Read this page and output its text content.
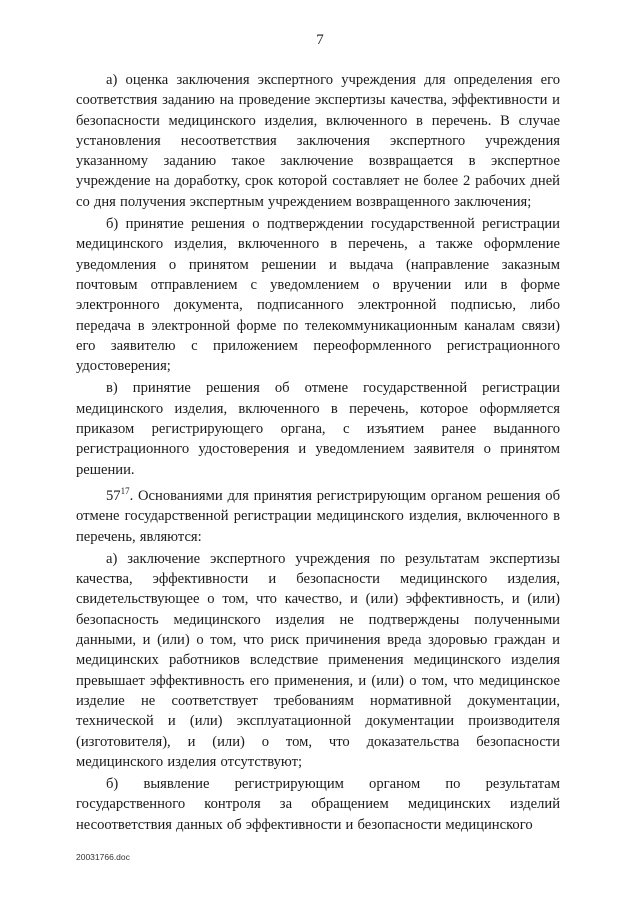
7

а) оценка заключения экспертного учреждения для определения его соответствия заданию на проведение экспертизы качества, эффективности и безопасности медицинского изделия, включенного в перечень. В случае установления несоответствия заключения экспертного учреждения указанному заданию такое заключение возвращается в экспертное учреждение на доработку, срок которой составляет не более 2 рабочих дней со дня получения экспертным учреждением возвращенного заключения;

б) принятие решения о подтверждении государственной регистрации медицинского изделия, включенного в перечень, а также оформление уведомления о принятом решении и выдача (направление заказным почтовым отправлением с уведомлением о вручении или в форме электронного документа, подписанного электронной подписью, либо передача в электронной форме по телекоммуникационным каналам связи) его заявителю с приложением переоформленного регистрационного удостоверения;

в) принятие решения об отмене государственной регистрации медицинского изделия, включенного в перечень, которое оформляется приказом регистрирующего органа, с изъятием ранее выданного регистрационного удостоверения и уведомлением заявителя о принятом решении.

$57^{17}$. Основаниями для принятия регистрирующим органом решения об отмене государственной регистрации медицинского изделия, включенного в перечень, являются:

а) заключение экспертного учреждения по результатам экспертизы качества, эффективности и безопасности медицинского изделия, свидетельствующее о том, что качество, и (или) эффективность, и (или) безопасность медицинского изделия не подтверждены полученными данными, и (или) о том, что риск причинения вреда здоровью граждан и медицинских работников вследствие применения медицинского изделия превышает эффективность его применения, и (или) о том, что медицинское изделие не соответствует требованиям нормативной документации, технической и (или) эксплуатационной документации производителя (изготовителя), и (или) о том, что доказательства безопасности медицинского изделия отсутствуют;

б) выявление регистрирующим органом по результатам государственного контроля за обращением медицинских изделий несоответствия данных об эффективности и безопасности медицинского

20031766.doc
